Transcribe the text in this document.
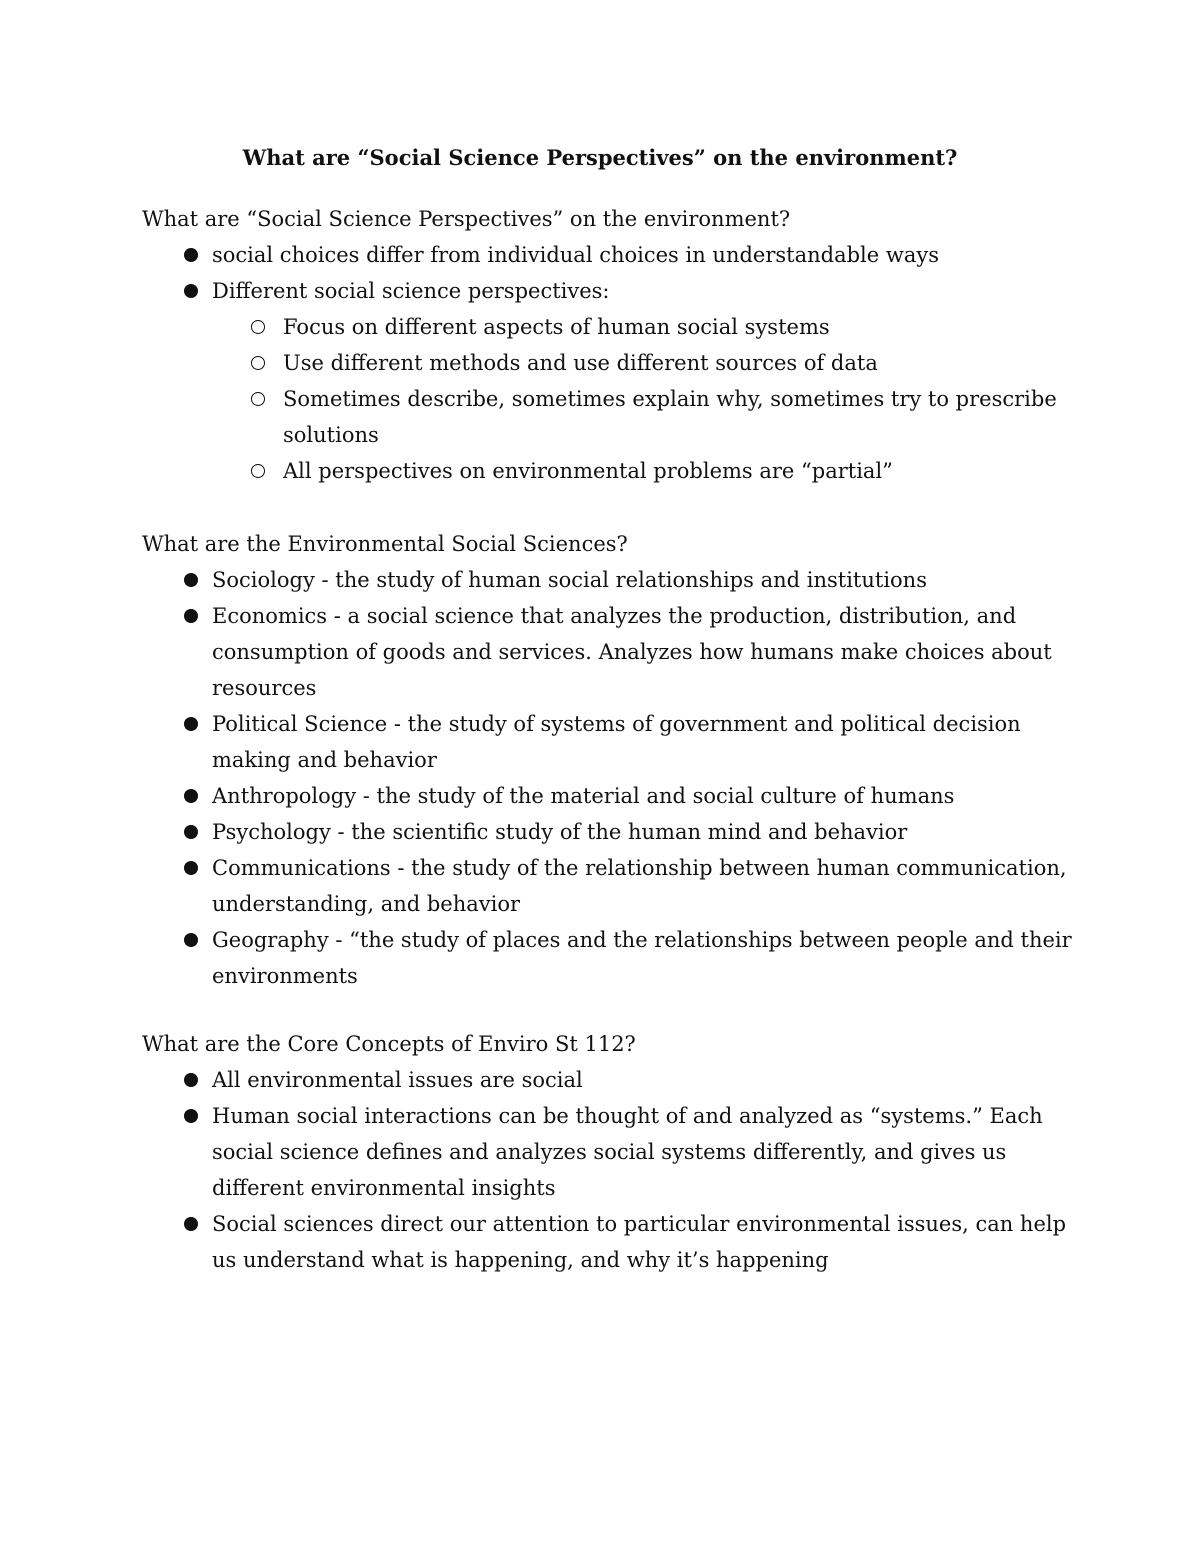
What are “Social Science Perspectives” on the environment?

What are “Social Science Perspectives” on the environment?

social choices differ from individual choices in understandable ways
Different social science perspectives:
Focus on different aspects of human social systems
Use different methods and use different sources of data
Sometimes describe, sometimes explain why, sometimes try to prescribe solutions
All perspectives on environmental problems are “partial”

What are the Environmental Social Sciences?

Sociology - the study of human social relationships and institutions
Economics - a social science that analyzes the production, distribution, and consumption of goods and services. Analyzes how humans make choices about resources
Political Science - the study of systems of government and political decision making and behavior
Anthropology - the study of the material and social culture of humans
Psychology - the scientific study of the human mind and behavior
Communications - the study of the relationship between human communication, understanding, and behavior
Geography - “the study of places and the relationships between people and their environments

What are the Core Concepts of Enviro St 112?

All environmental issues are social
Human social interactions can be thought of and analyzed as “systems.” Each social science defines and analyzes social systems differently, and gives us different environmental insights
Social sciences direct our attention to particular environmental issues, can help us understand what is happening, and why it’s happening
